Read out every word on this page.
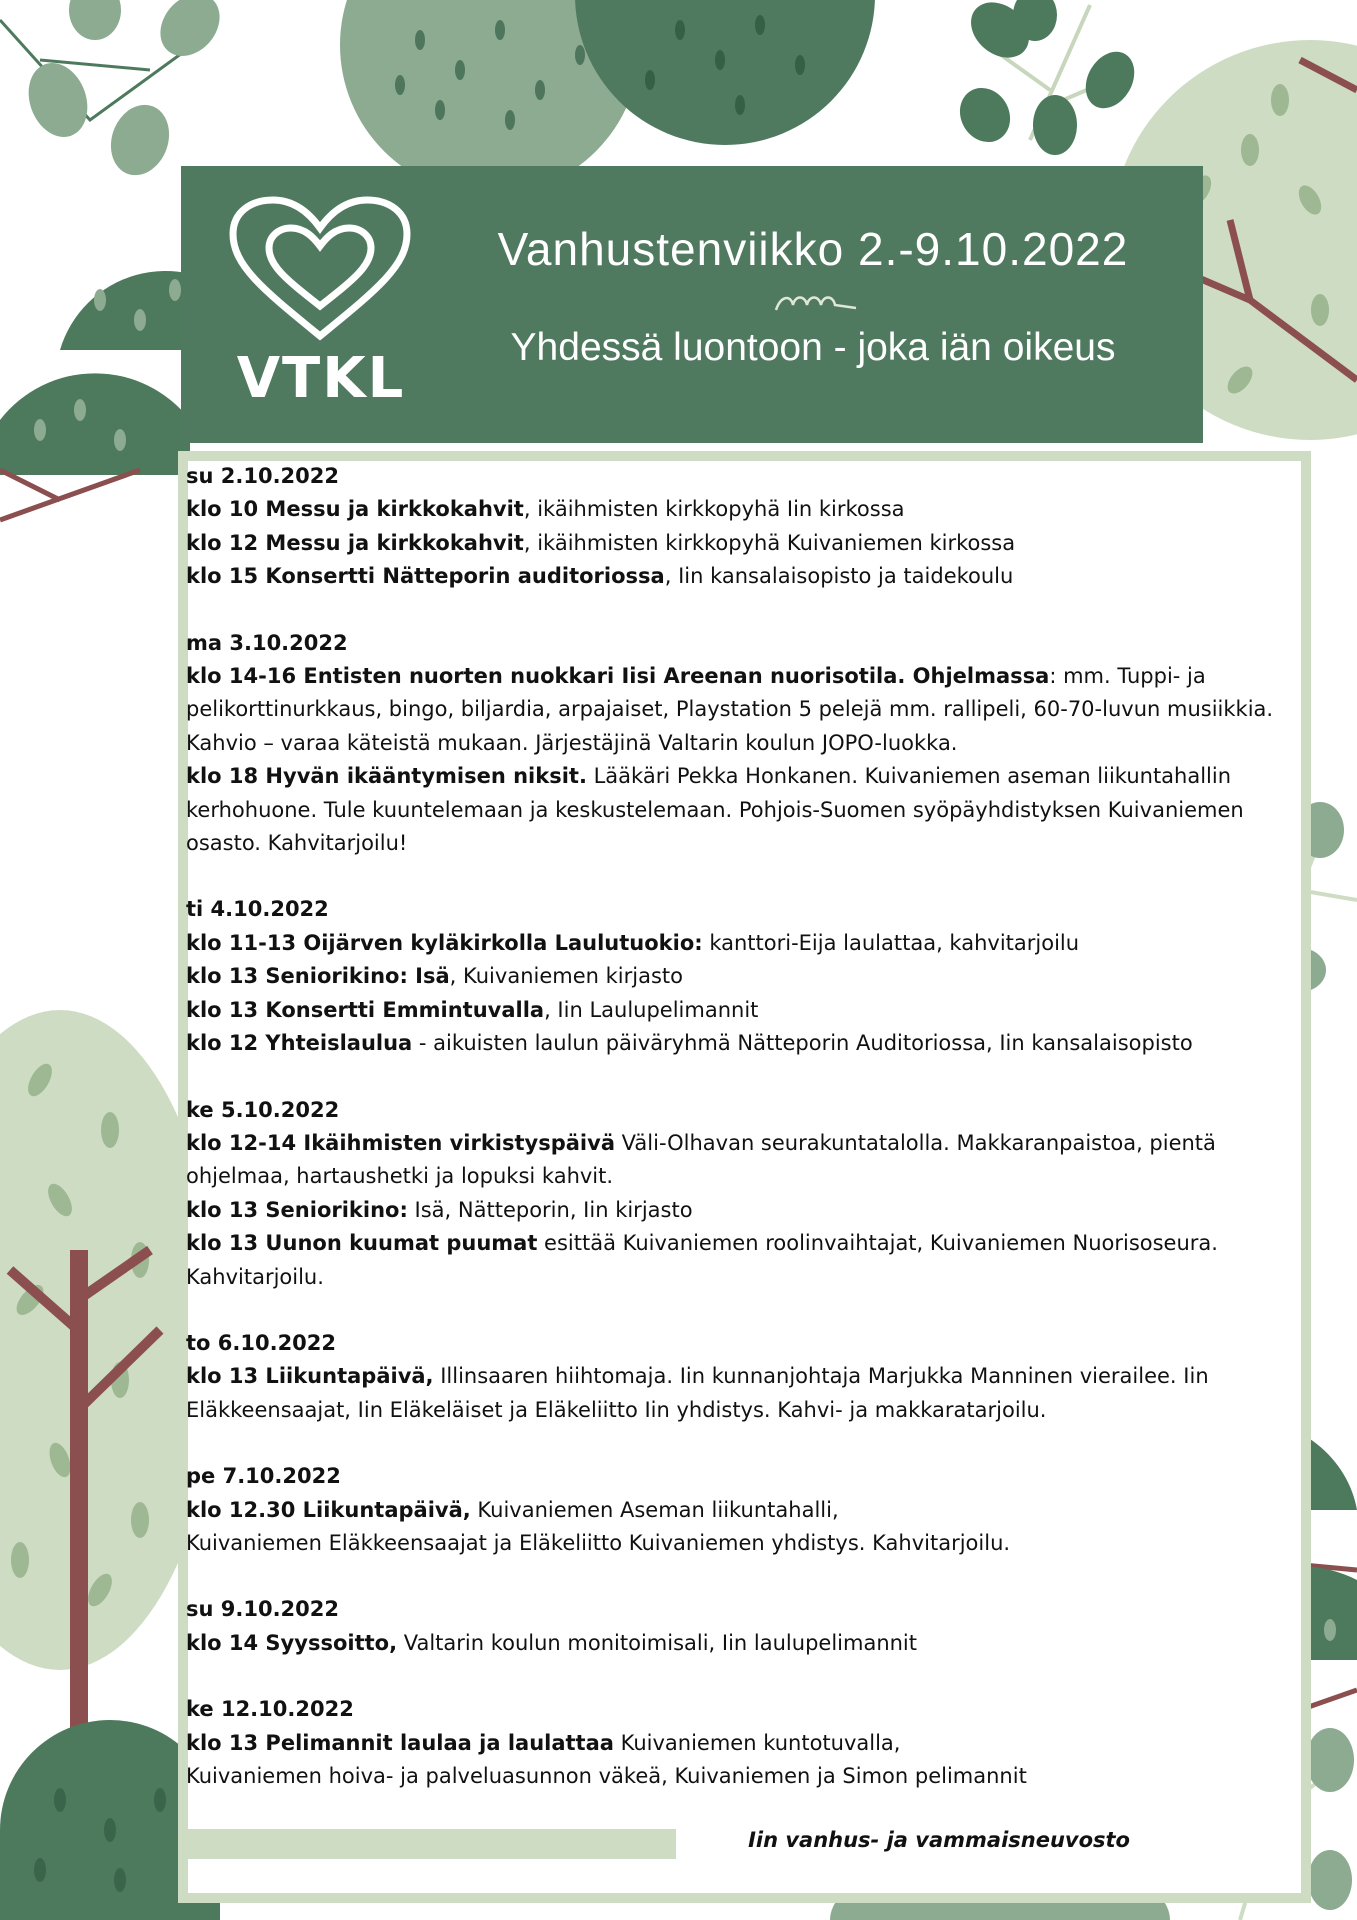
VTKL
Vanhustenviikko 2.-9.10.2022
Yhdessä luontoon - joka iän oikeus
su 2.10.2022
klo 10 Messu ja kirkkokahvit, ikäihmisten kirkkopyhä Iin kirkossa
klo 12 Messu ja kirkkokahvit, ikäihmisten kirkkopyhä Kuivaniemen kirkossa
klo 15 Konsertti Nätteporin auditoriossa, Iin kansalaisopisto ja taidekoulu
ma 3.10.2022
klo 14-16 Entisten nuorten nuokkari Iisi Areenan nuorisotila. Ohjelmassa: mm. Tuppi- ja pelikorttinurkkaus, bingo, biljardia, arpajaiset, Playstation 5 pelejä mm. rallipeli, 60-70-luvun musiikkia. Kahvio – varaa käteistä mukaan. Järjestäjinä Valtarin koulun JOPO-luokka.
klo 18 Hyvän ikääntymisen niksit. Lääkäri Pekka Honkanen. Kuivaniemen aseman liikuntahallin kerhohuone. Tule kuuntelemaan ja keskustelemaan. Pohjois-Suomen syöpäyhdistyksen Kuivaniemen osasto. Kahvitarjoilu!
ti 4.10.2022
klo 11-13 Oijärven kyläkirkolla Laulutuokio: kanttori-Eija laulattaa, kahvitarjoilu
klo 13 Seniorikino: Isä, Kuivaniemen kirjasto
klo 13 Konsertti Emmintuvalla, Iin Laulupelimannit
klo 12 Yhteislaulua - aikuisten laulun päiväryhmä Nätteporin Auditoriossa, Iin kansalaisopisto
ke 5.10.2022
klo 12-14 Ikäihmisten virkistyspäivä Väli-Olhavan seurakuntatalolla. Makkaranpaistoa, pientä ohjelmaa, hartaushetki ja lopuksi kahvit.
klo 13 Seniorikino: Isä, Nätteporin, Iin kirjasto
klo 13 Uunon kuumat puumat esittää Kuivaniemen roolinvaihtajat, Kuivaniemen Nuorisoseura. Kahvitarjoilu.
to 6.10.2022
klo 13 Liikuntapäivä, Illinsaaren hiihtomaja. Iin kunnanjohtaja Marjukka Manninen vierailee. Iin Eläkkeensaajat, Iin Eläkeläiset ja Eläkeliitto Iin yhdistys. Kahvi- ja makkaratarjoilu.
pe 7.10.2022
klo 12.30 Liikuntapäivä, Kuivaniemen Aseman liikuntahalli,
Kuivaniemen Eläkkeensaajat ja Eläkeliitto Kuivaniemen yhdistys. Kahvitarjoilu.
su 9.10.2022
klo 14 Syyssoitto, Valtarin koulun monitoimisali, Iin laulupelimannit
ke 12.10.2022
klo 13 Pelimannit laulaa ja laulattaa Kuivaniemen kuntotuvalla,
Kuivaniemen hoiva- ja palveluasunnon väkeä, Kuivaniemen ja Simon pelimannit
Iin vanhus- ja vammaisneuvosto
